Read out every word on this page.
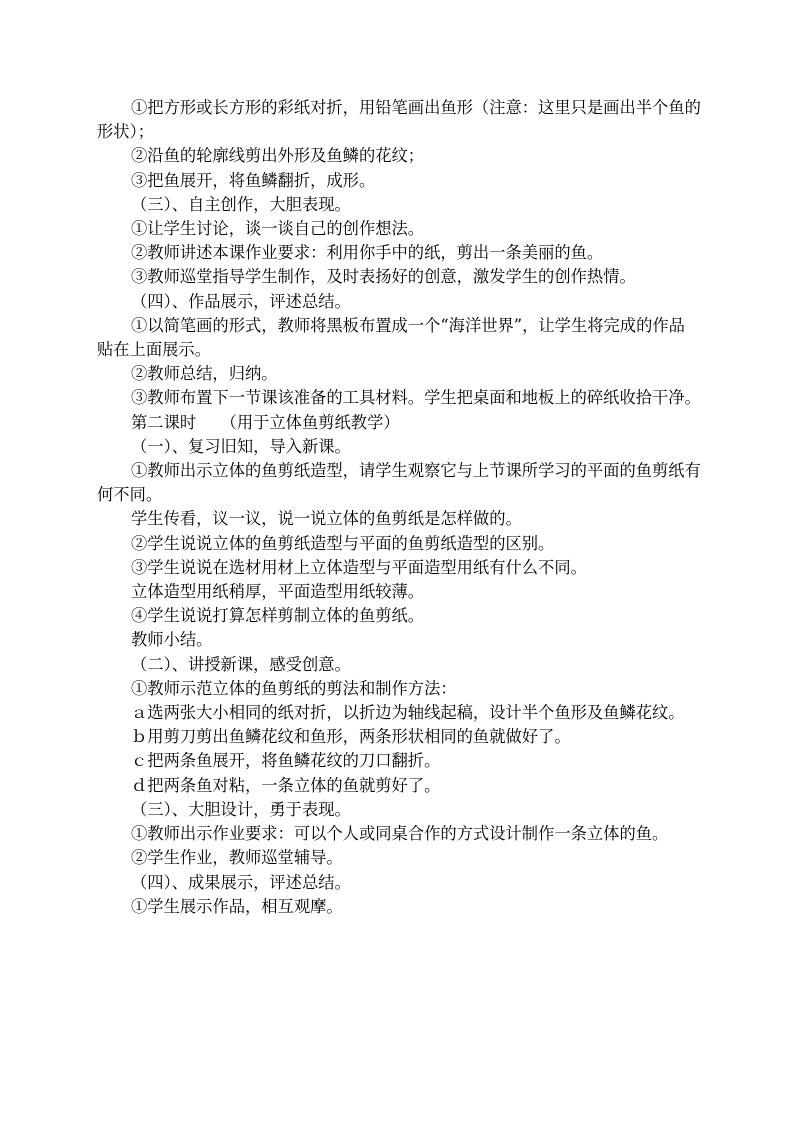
①把方形或长方形的彩纸对折，用铅笔画出鱼形（注意：这里只是画出半个鱼的形状）；

②沿鱼的轮廓线剪出外形及鱼鳞的花纹；

③把鱼展开，将鱼鳞翻折，成形。

（三）、自主创作，大胆表现。

①让学生讨论，谈一谈自己的创作想法。

②教师讲述本课作业要求：利用你手中的纸，剪出一条美丽的鱼。

③教师巡堂指导学生制作，及时表扬好的创意，激发学生的创作热情。

（四）、作品展示，评述总结。

①以简笔画的形式，教师将黑板布置成一个“海洋世界”，让学生将完成的作品贴在上面展示。

②教师总结，归纳。

③教师布置下一节课该准备的工具材料。学生把桌面和地板上的碎纸收拾干净。

第二课时　　（用于立体鱼剪纸教学）

（一）、复习旧知，导入新课。

①教师出示立体的鱼剪纸造型，请学生观察它与上节课所学习的平面的鱼剪纸有何不同。

学生传看，议一议，说一说立体的鱼剪纸是怎样做的。

②学生说说立体的鱼剪纸造型与平面的鱼剪纸造型的区别。

③学生说说在选材用材上立体造型与平面造型用纸有什么不同。

立体造型用纸稍厚，平面造型用纸较薄。

④学生说说打算怎样剪制立体的鱼剪纸。

教师小结。

（二）、讲授新课，感受创意。

①教师示范立体的鱼剪纸的剪法和制作方法：

ａ选两张大小相同的纸对折，以折边为轴线起稿，设计半个鱼形及鱼鳞花纹。

ｂ用剪刀剪出鱼鳞花纹和鱼形，两条形状相同的鱼就做好了。

ｃ把两条鱼展开，将鱼鳞花纹的刀口翻折。

ｄ把两条鱼对粘，一条立体的鱼就剪好了。

（三）、大胆设计，勇于表现。

①教师出示作业要求：可以个人或同桌合作的方式设计制作一条立体的鱼。

②学生作业，教师巡堂辅导。

（四）、成果展示，评述总结。

①学生展示作品，相互观摩。
